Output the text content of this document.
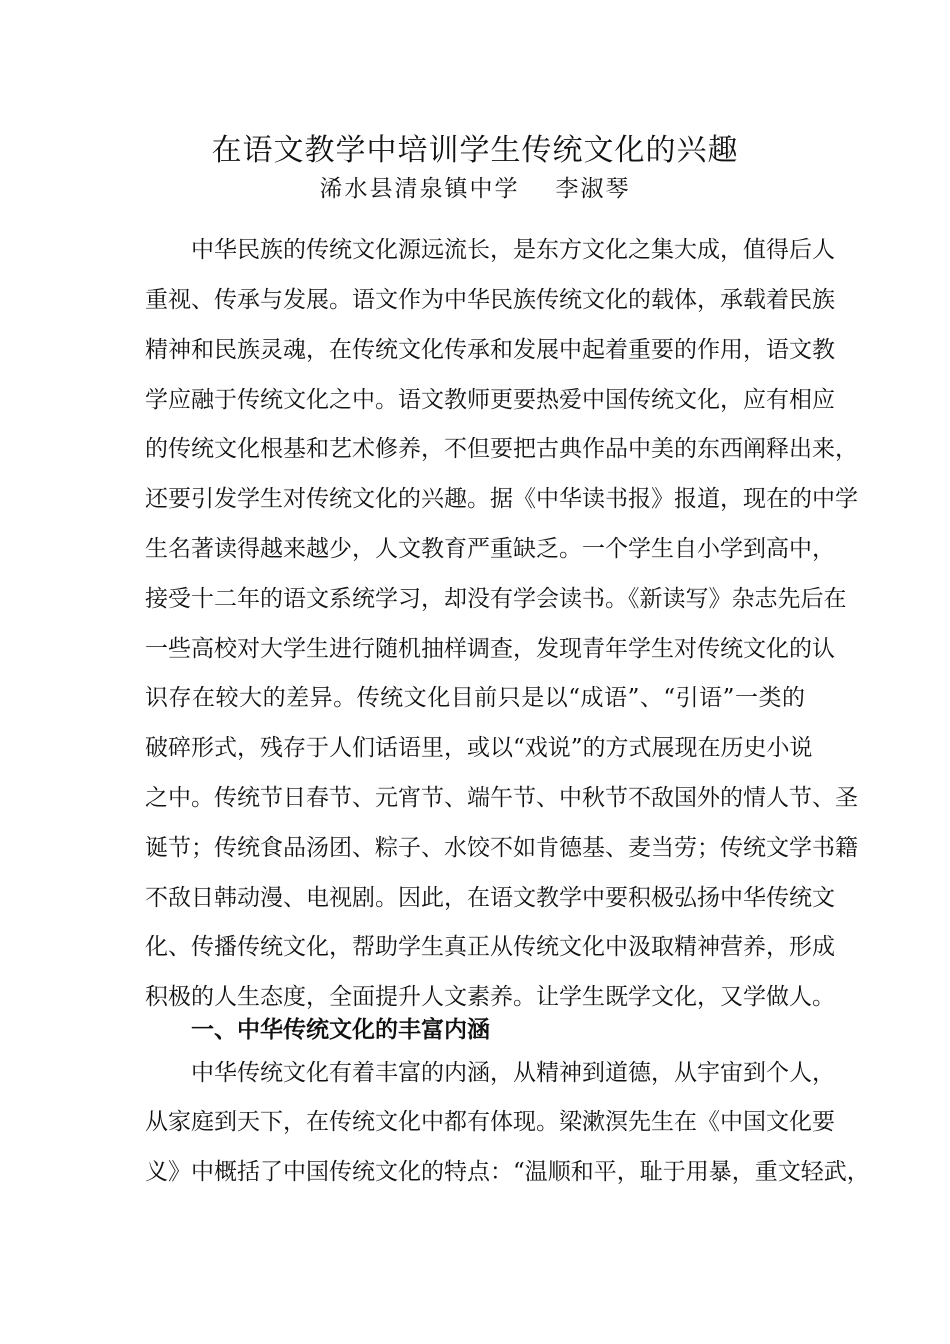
在语文教学中培训学生传统文化的兴趣
浠水县清泉镇中学 李淑琴
中华民族的传统文化源远流长，是东方文化之集大成，值得后人
重视、传承与发展。语文作为中华民族传统文化的载体，承载着民族
精神和民族灵魂，在传统文化传承和发展中起着重要的作用，语文教
学应融于传统文化之中。语文教师更要热爱中国传统文化，应有相应
的传统文化根基和艺术修养，不但要把古典作品中美的东西阐释出来，
还要引发学生对传统文化的兴趣。据《中华读书报》报道，现在的中学
生名著读得越来越少，人文教育严重缺乏。一个学生自小学到高中，
接受十二年的语文系统学习，却没有学会读书。《新读写》杂志先后在
一些高校对大学生进行随机抽样调查，发现青年学生对传统文化的认
识存在较大的差异。传统文化目前只是以“成语”、“引语”一类的
破碎形式，残存于人们话语里，或以“戏说”的方式展现在历史小说
之中。传统节日春节、元宵节、端午节、中秋节不敌国外的情人节、圣
诞节；传统食品汤团、粽子、水饺不如肯德基、麦当劳；传统文学书籍
不敌日韩动漫、电视剧。因此，在语文教学中要积极弘扬中华传统文
化、传播传统文化，帮助学生真正从传统文化中汲取精神营养，形成
积极的人生态度，全面提升人文素养。让学生既学文化，又学做人。
一、中华传统文化的丰富内涵
中华传统文化有着丰富的内涵，从精神到道德，从宇宙到个人，
从家庭到天下，在传统文化中都有体现。梁漱溟先生在《中国文化要
义》中概括了中国传统文化的特点：“温顺和平，耻于用暴，重文轻武，
